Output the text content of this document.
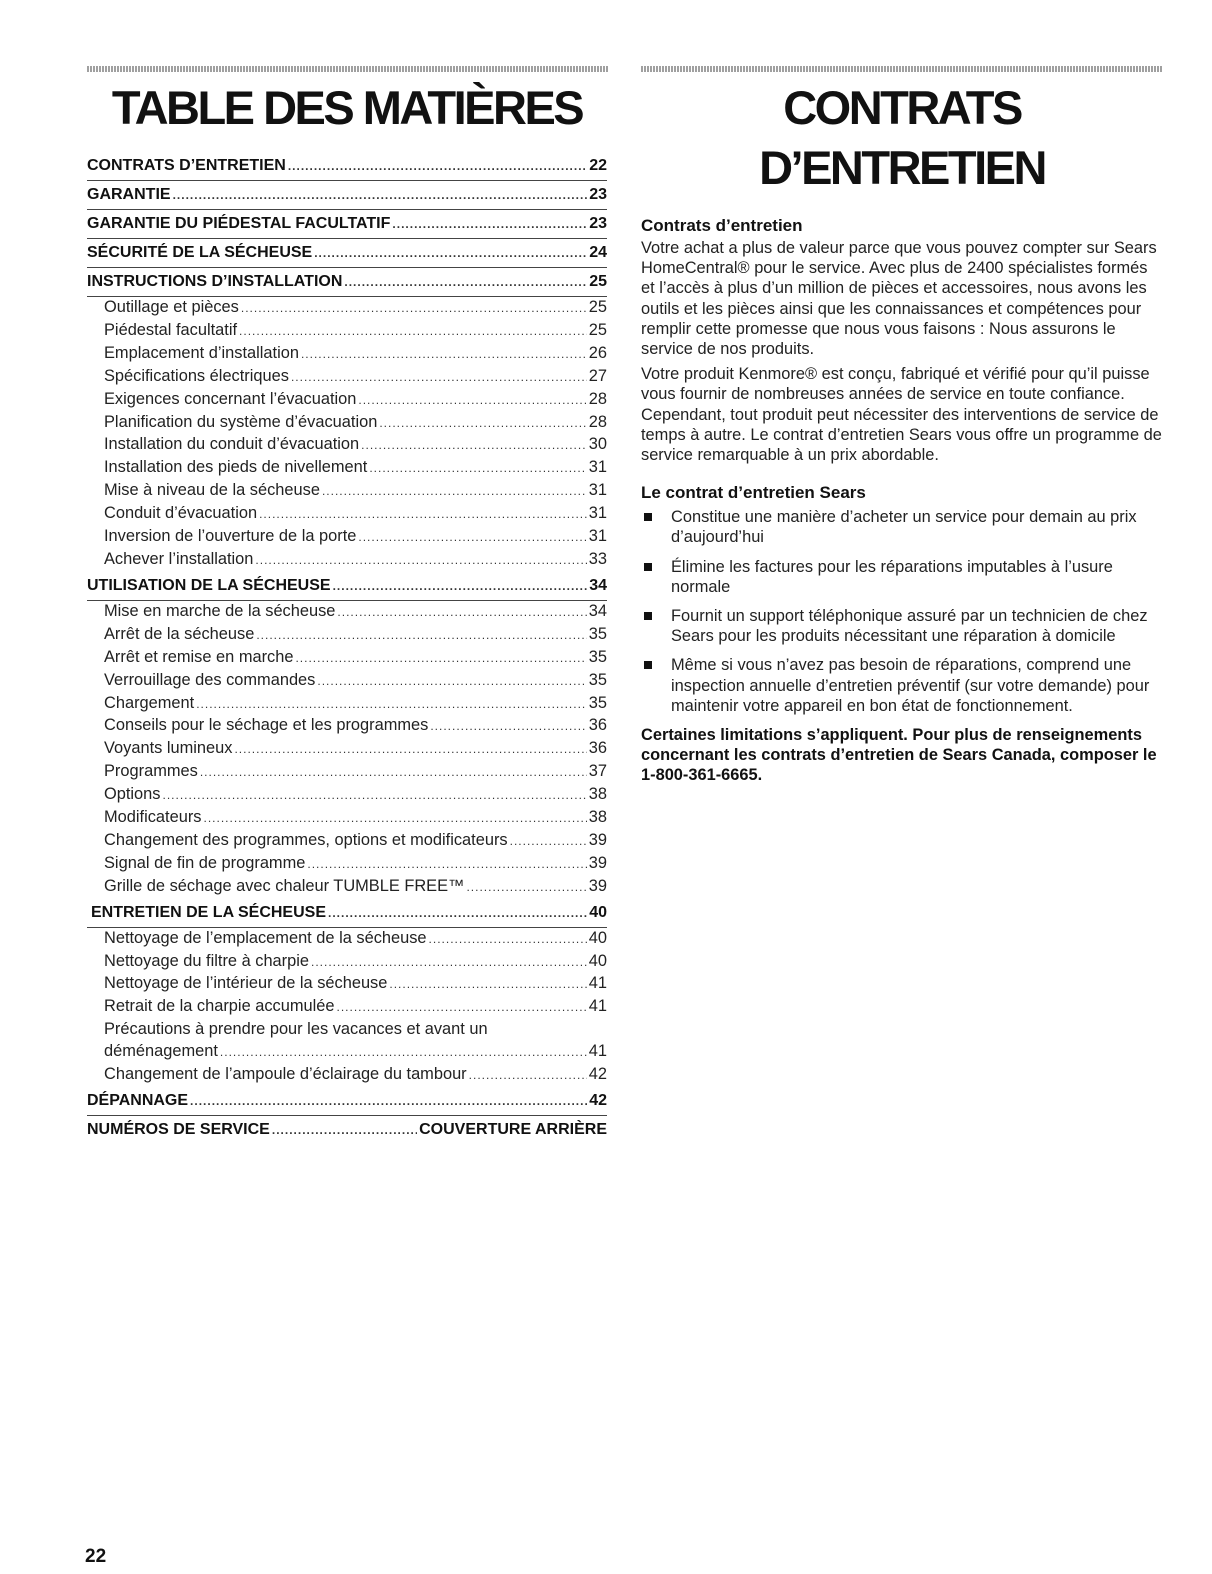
TABLE DES MATIÈRES
CONTRATS D’ENTRETIEN .....	22
GARANTIE .....	23
GARANTIE DU PIÉDESTAL FACULTATIF .....	23
SÉCURITÉ DE LA SÉCHEUSE .....	24
INSTRUCTIONS D’INSTALLATION .....	25
Outillage et pièces .....	25
Piédestal facultatif .....	25
Emplacement d’installation .....	26
Spécifications électriques .....	27
Exigences concernant l’évacuation .....	28
Planification du système d’évacuation .....	28
Installation du conduit d’évacuation .....	30
Installation des pieds de nivellement .....	31
Mise à niveau de la sécheuse .....	31
Conduit d’évacuation .....	31
Inversion de l’ouverture de la porte .....	31
Achever l’installation .....	33
UTILISATION DE LA SÉCHEUSE .....	34
Mise en marche de la sécheuse .....	34
Arrêt de la sécheuse .....	35
Arrêt et remise en marche .....	35
Verrouillage des commandes .....	35
Chargement .....	35
Conseils pour le séchage et les programmes .....	36
Voyants lumineux .....	36
Programmes .....	37
Options .....	38
Modificateurs .....	38
Changement des programmes, options et modificateurs .....	39
Signal de fin de programme .....	39
Grille de séchage avec chaleur TUMBLE FREE™ .....	39
ENTRETIEN DE LA SÉCHEUSE .....	40
Nettoyage de l’emplacement de la sécheuse .....	40
Nettoyage du filtre à charpie .....	40
Nettoyage de l’intérieur de la sécheuse .....	41
Retrait de la charpie accumulée .....	41
Précautions à prendre pour les vacances et avant un
déménagement .....	41
Changement de l’ampoule d’éclairage du tambour .....	42
DÉPANNAGE .....	42
NUMÉROS DE SERVICE .....	COUVERTURE ARRIÈRE
CONTRATS D’ENTRETIEN
Contrats d’entretien

Votre achat a plus de valeur parce que vous pouvez compter sur Sears HomeCentral® pour le service. Avec plus de 2400 spécialistes formés et l’accès à plus d’un million de pièces et accessoires, nous avons les outils et les pièces ainsi que les connaissances et compétences pour remplir cette promesse que nous vous faisons : Nous assurons le service de nos produits.

Votre produit Kenmore® est conçu, fabriqué et vérifié pour qu’il puisse vous fournir de nombreuses années de service en toute confiance. Cependant, tout produit peut nécessiter des interventions de service de temps à autre. Le contrat d’entretien Sears vous offre un programme de service remarquable à un prix abordable.

Le contrat d’entretien Sears
Constitue une manière d’acheter un service pour demain au prix d’aujourd’hui
Élimine les factures pour les réparations imputables à l’usure normale
Fournit un support téléphonique assuré par un technicien de chez Sears pour les produits nécessitant une réparation à domicile
Même si vous n’avez pas besoin de réparations, comprend une inspection annuelle d’entretien préventif (sur votre demande) pour maintenir votre appareil en bon état de fonctionnement.
Certaines limitations s’appliquent. Pour plus de renseignements concernant les contrats d’entretien de Sears Canada, composer le 1-800-361-6665.
22
